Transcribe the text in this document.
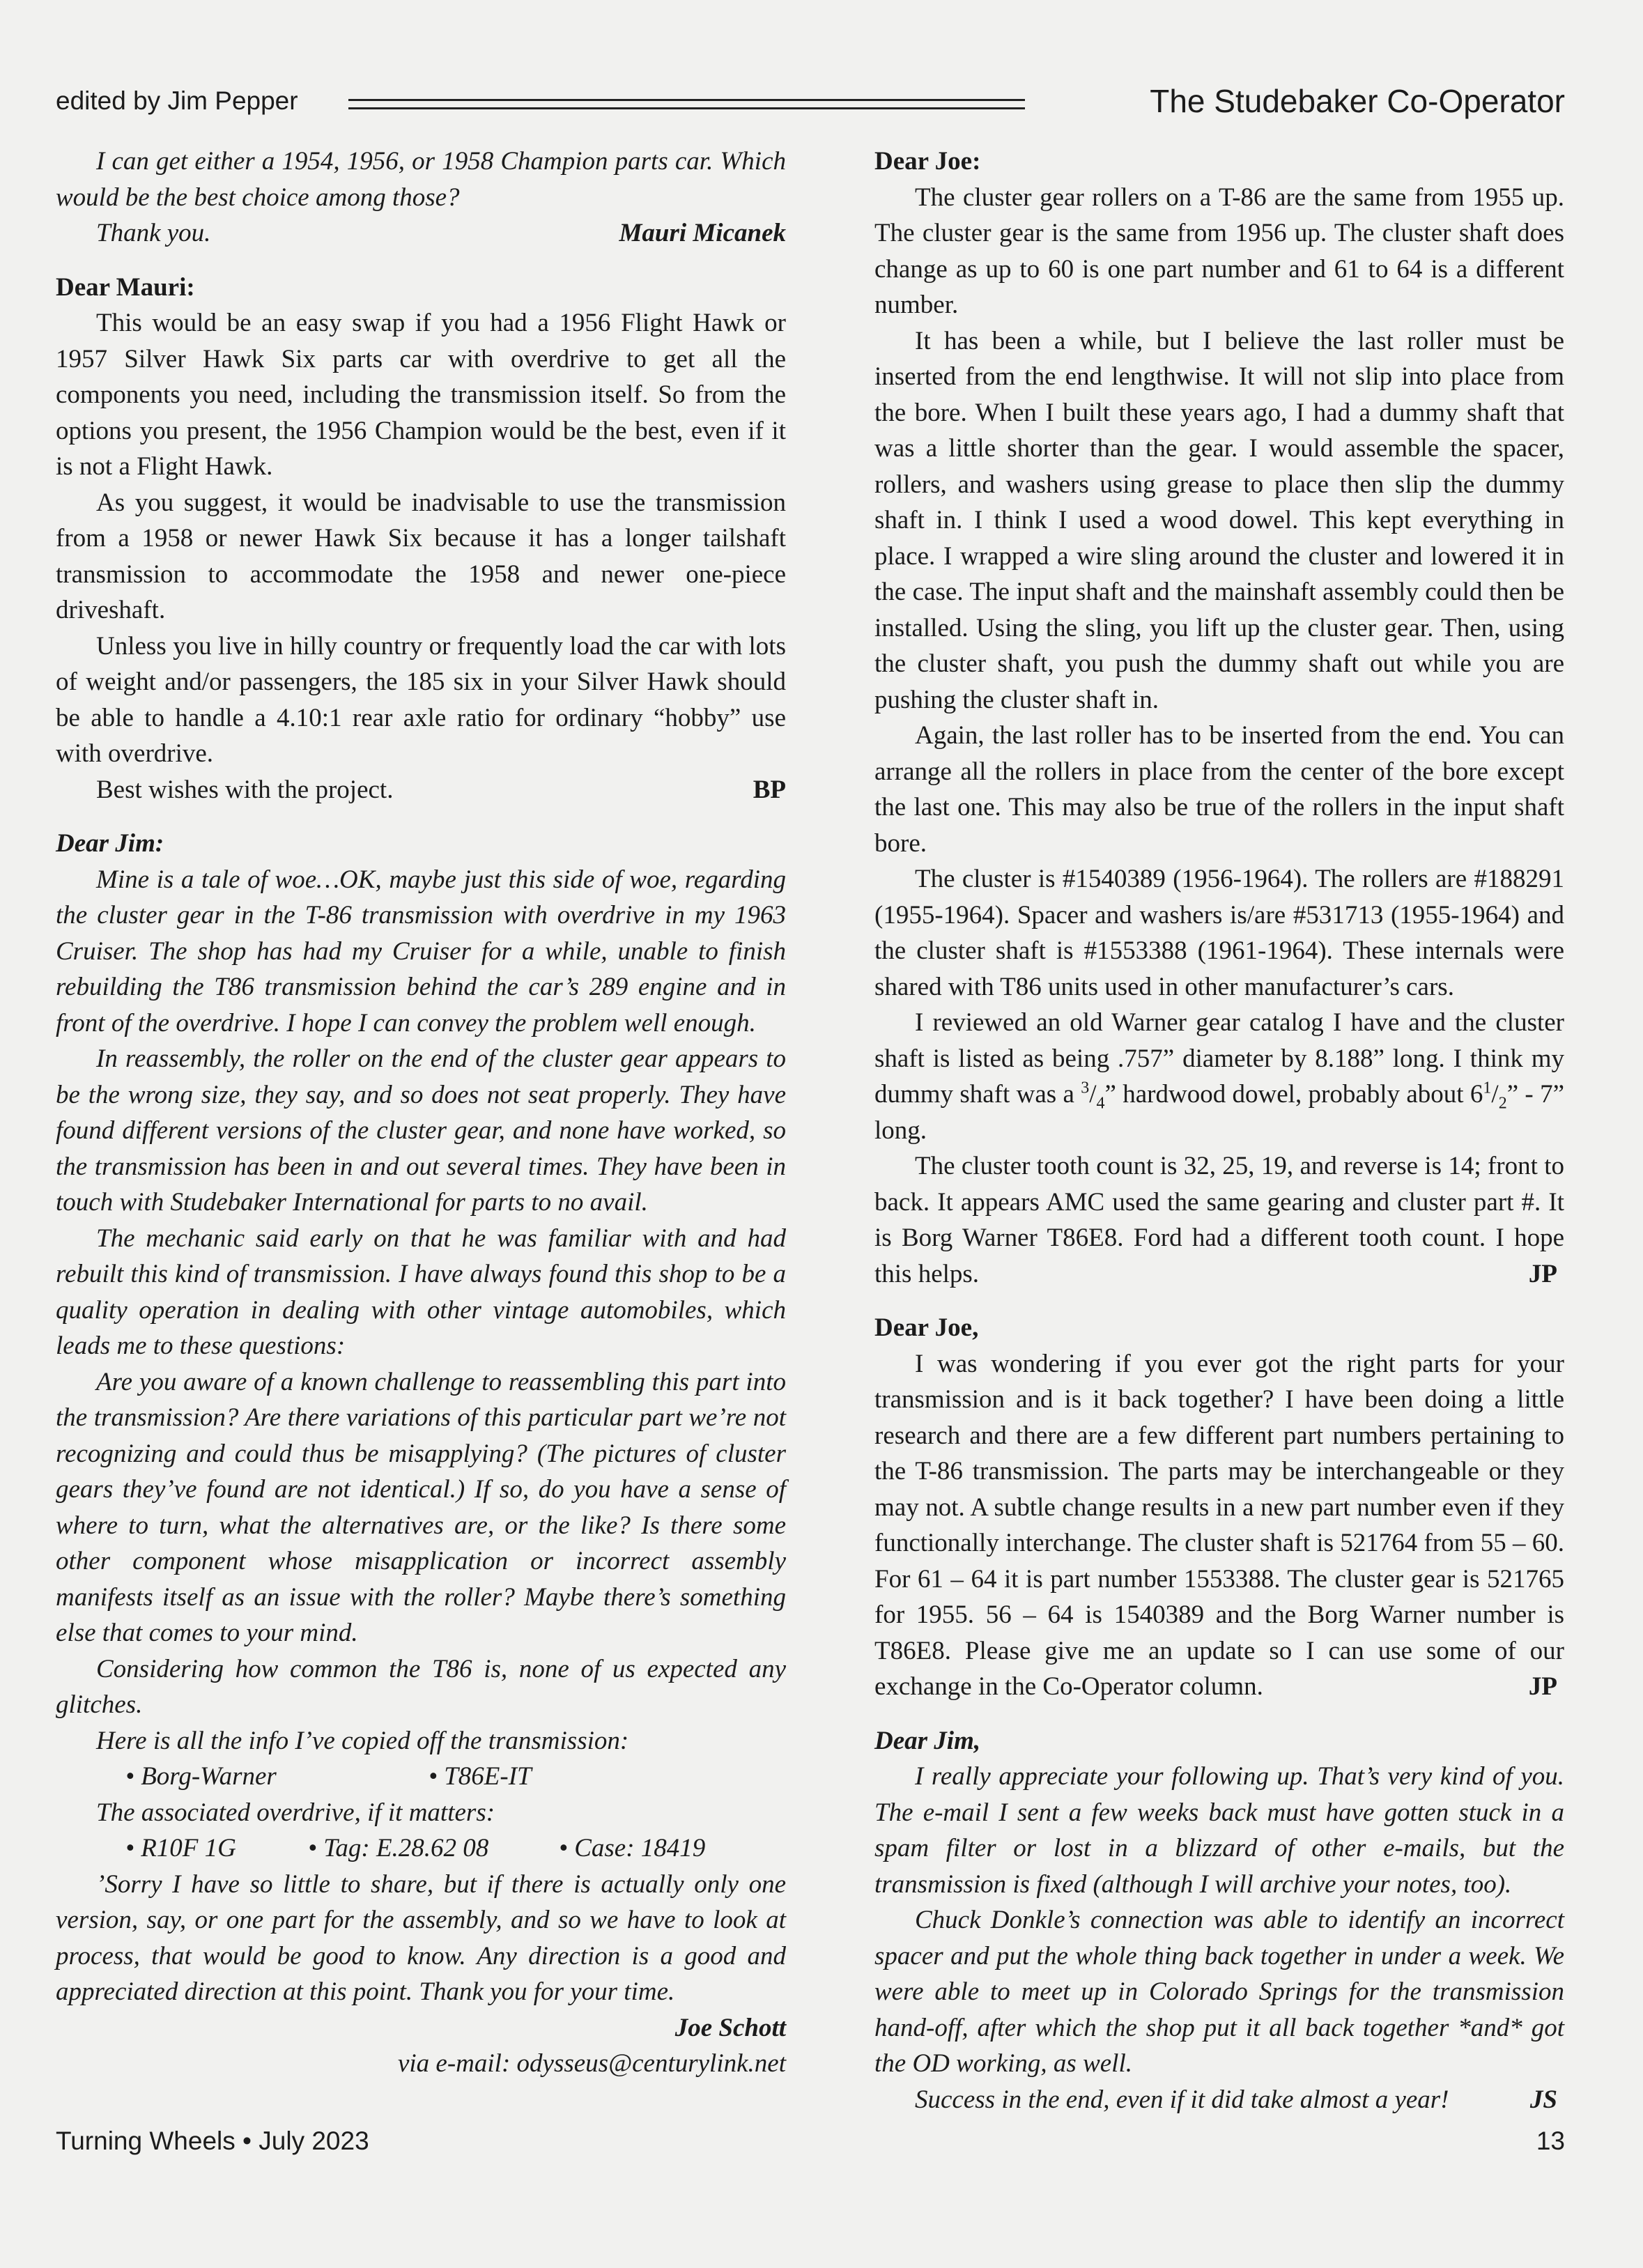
edited by Jim Pepper	The Studebaker Co-Operator

I can get either a 1954, 1956, or 1958 Champion parts car. Which would be the best choice among those?

Thank you.	Mauri Micanek

Dear Mauri:

This would be an easy swap if you had a 1956 Flight Hawk or 1957 Silver Hawk Six parts car with overdrive to get all the components you need, including the transmission itself. So from the options you present, the 1956 Champion would be the best, even if it is not a Flight Hawk.

As you suggest, it would be inadvisable to use the transmission from a 1958 or newer Hawk Six because it has a longer tailshaft transmission to accommodate the 1958 and newer one-piece driveshaft.

Unless you live in hilly country or frequently load the car with lots of weight and/or passengers, the 185 six in your Silver Hawk should be able to handle a 4.10:1 rear axle ratio for ordinary “hobby” use with overdrive.

Best wishes with the project.	BP

Dear Jim:

Mine is a tale of woe…OK, maybe just this side of woe, regarding the cluster gear in the T-86 transmission with overdrive in my 1963 Cruiser. The shop has had my Cruiser for a while, unable to finish rebuilding the T86 transmission behind the car’s 289 engine and in front of the overdrive. I hope I can convey the problem well enough.

In reassembly, the roller on the end of the cluster gear appears to be the wrong size, they say, and so does not seat properly. They have found different versions of the cluster gear, and none have worked, so the transmission has been in and out several times. They have been in touch with Studebaker International for parts to no avail.

The mechanic said early on that he was familiar with and had rebuilt this kind of transmission. I have always found this shop to be a quality operation in dealing with other vintage automobiles, which leads me to these questions:

Are you aware of a known challenge to reassembling this part into the transmission? Are there variations of this particular part we’re not recognizing and could thus be misapplying? (The pictures of cluster gears they’ve found are not identical.) If so, do you have a sense of where to turn, what the alternatives are, or the like? Is there some other component whose misapplication or incorrect assembly manifests itself as an issue with the roller? Maybe there’s something else that comes to your mind.

Considering how common the T86 is, none of us expected any glitches.

Here is all the info I’ve copied off the transmission:

• Borg-Warner	• T86E-IT

The associated overdrive, if it matters:

• R10F 1G	• Tag: E.28.62 08	• Case: 18419

’Sorry I have so little to share, but if there is actually only one version, say, or one part for the assembly, and so we have to look at process, that would be good to know. Any direction is a good and appreciated direction at this point. Thank you for your time.

Joe Schott
via e-mail: odysseus@centurylink.net

Dear Joe:

The cluster gear rollers on a T-86 are the same from 1955 up. The cluster gear is the same from 1956 up. The cluster shaft does change as up to 60 is one part number and 61 to 64 is a different number.

It has been a while, but I believe the last roller must be inserted from the end lengthwise. It will not slip into place from the bore. When I built these years ago, I had a dummy shaft that was a little shorter than the gear. I would assemble the spacer, rollers, and washers using grease to place then slip the dummy shaft in. I think I used a wood dowel. This kept everything in place. I wrapped a wire sling around the cluster and lowered it in the case. The input shaft and the mainshaft assembly could then be installed. Using the sling, you lift up the cluster gear. Then, using the cluster shaft, you push the dummy shaft out while you are pushing the cluster shaft in.

Again, the last roller has to be inserted from the end. You can arrange all the rollers in place from the center of the bore except the last one. This may also be true of the rollers in the input shaft bore.

The cluster is #1540389 (1956-1964). The rollers are #188291 (1955-1964). Spacer and washers is/are #531713 (1955-1964) and the cluster shaft is #1553388 (1961-1964). These internals were shared with T86 units used in other manufacturer’s cars.

I reviewed an old Warner gear catalog I have and the cluster shaft is listed as being .757” diameter by 8.188” long. I think my dummy shaft was a $^3/_4$” hardwood dowel, probably about $6^1/_2$” - 7” long.

The cluster tooth count is 32, 25, 19, and reverse is 14; front to back. It appears AMC used the same gearing and cluster part #. It is Borg Warner T86E8. Ford had a different tooth count. I hope this helps.	JP

Dear Joe,

I was wondering if you ever got the right parts for your transmission and is it back together? I have been doing a little research and there are a few different part numbers pertaining to the T-86 transmission. The parts may be interchangeable or they may not. A subtle change results in a new part number even if they functionally interchange. The cluster shaft is 521764 from 55 – 60. For 61 – 64 it is part number 1553388. The cluster gear is 521765 for 1955. 56 – 64 is 1540389 and the Borg Warner number is T86E8. Please give me an update so I can use some of our exchange in the Co-Operator column.	JP

Dear Jim,

I really appreciate your following up. That’s very kind of you. The e-mail I sent a few weeks back must have gotten stuck in a spam filter or lost in a blizzard of other e-mails, but the transmission is fixed (although I will archive your notes, too).

Chuck Donkle’s connection was able to identify an incorrect spacer and put the whole thing back together in under a week. We were able to meet up in Colorado Springs for the transmission hand-off, after which the shop put it all back together *and* got the OD working, as well.

Success in the end, even if it did take almost a year!	JS

Turning Wheels • July 2023	13
